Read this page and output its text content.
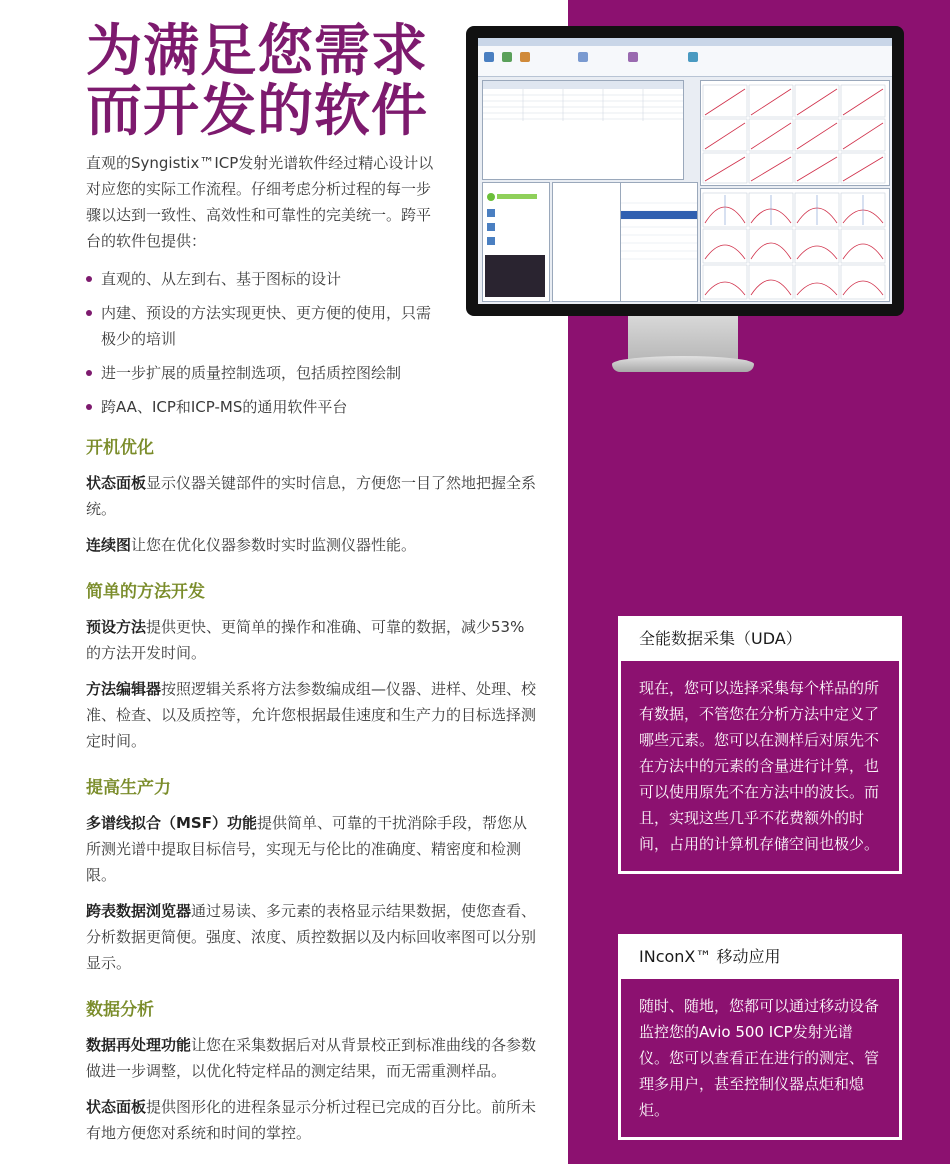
为满足您需求
而开发的软件

直观的Syngistix™ICP发射光谱软件经过精心设计以对应您的实际工作流程。仔细考虑分析过程的每一步骤以达到一致性、高效性和可靠性的完美统一。跨平台的软件包提供：

直观的、从左到右、基于图标的设计
内建、预设的方法实现更快、更方便的使用，只需极少的培训
进一步扩展的质量控制选项，包括质控图绘制
跨AA、ICP和ICP-MS的通用软件平台
开机优化

状态面板显示仪器关键部件的实时信息，方便您一目了然地把握全系统。

连续图让您在优化仪器参数时实时监测仪器性能。

简单的方法开发

预设方法提供更快、更简单的操作和准确、可靠的数据，减少53%的方法开发时间。

方法编辑器按照逻辑关系将方法参数编成组—仪器、进样、处理、校准、检查、以及质控等，允许您根据最佳速度和生产力的目标选择测定时间。

提高生产力

多谱线拟合（MSF）功能提供简单、可靠的干扰消除手段，帮您从所测光谱中提取目标信号，实现无与伦比的准确度、精密度和检测限。

跨表数据浏览器通过易读、多元素的表格显示结果数据，使您查看、分析数据更简便。强度、浓度、质控数据以及内标回收率图可以分别显示。

数据分析

数据再处理功能让您在采集数据后对从背景校正到标准曲线的各参数做进一步调整，以优化特定样品的测定结果，而无需重测样品。

状态面板提供图形化的进程条显示分析过程已完成的百分比。前所未有地方便您对系统和时间的掌控。

全能数据采集（UDA）
现在，您可以选择采集每个样品的所有数据，不管您在分析方法中定义了哪些元素。您可以在测样后对原先不在方法中的元素的含量进行计算，也可以使用原先不在方法中的波长。而且，实现这些几乎不花费额外的时间，占用的计算机存储空间也极少。
INconX™ 移动应用
随时、随地，您都可以通过移动设备监控您的Avio 500 ICP发射光谱仪。您可以查看正在进行的测定、管理多用户，甚至控制仪器点炬和熄炬。
